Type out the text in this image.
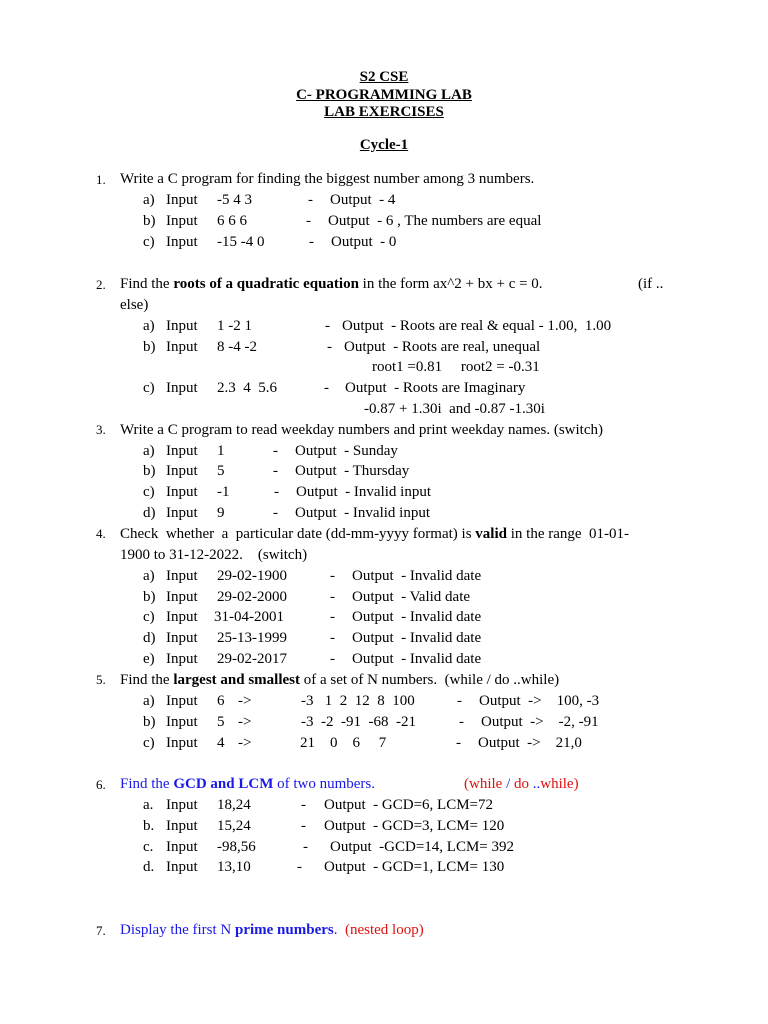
S2 CSE
C- PROGRAMMING LAB
LAB EXERCISES
Cycle-1
1. Write a C program for finding the biggest number among 3 numbers.
a) Input -5 4 3	- Output  - 4
b) Input 6 6 6	- Output  - 6 , The numbers are equal
c) Input -15 -4 0	- Output  - 0
2. Find the roots of a quadratic equation in the form ax^2 + bx + c = 0.	(if ..
else)
a) Input 1 -2 1	- Output  - Roots are real & equal - 1.00,  1.00
b) Input 8 -4 -2	- Output  - Roots are real, unequal
root1 =0.81     root2 = -0.31
c) Input 2.3  4  5.6	- Output  - Roots are Imaginary
-0.87 + 1.30i  and -0.87 -1.30i
3. Write a C program to read weekday numbers and print weekday names. (switch)
a) Input 1	- Output  - Sunday
b) Input 5	- Output  - Thursday
c) Input -1	- Output  - Invalid input
d) Input 9	- Output  - Invalid input
4. Check  whether  a  particular date (dd-mm-yyyy format) is valid in the range  01-01-
1900 to 31-12-2022.    (switch)
a) Input 29-02-1900	- Output  - Invalid date
b) Input 29-02-2000	- Output  - Valid date
c) Input 31-04-2001	- Output  - Invalid date
d) Input 25-13-1999	- Output  - Invalid date
e) Input 29-02-2017	- Output  - Invalid date
5. Find the largest and smallest of a set of N numbers.  (while / do ..while)
a) Input 6 ->	-3   1  2  12  8  100	- Output  ->    100, -3
b) Input 5 ->	-3  -2  -91  -68  -21	- Output  ->    -2, -91
c) Input 4 ->	21    0    6     7	- Output  ->    21,0
6. Find the GCD and LCM of two numbers.	(while / do ..while)
a. Input 18,24	- Output  - GCD=6, LCM=72
b. Input 15,24	- Output  - GCD=3, LCM= 120
c. Input -98,56	- Output  -GCD=14, LCM= 392
d. Input 13,10	- Output  - GCD=1, LCM= 130
7. Display the first N prime numbers.  (nested loop)
